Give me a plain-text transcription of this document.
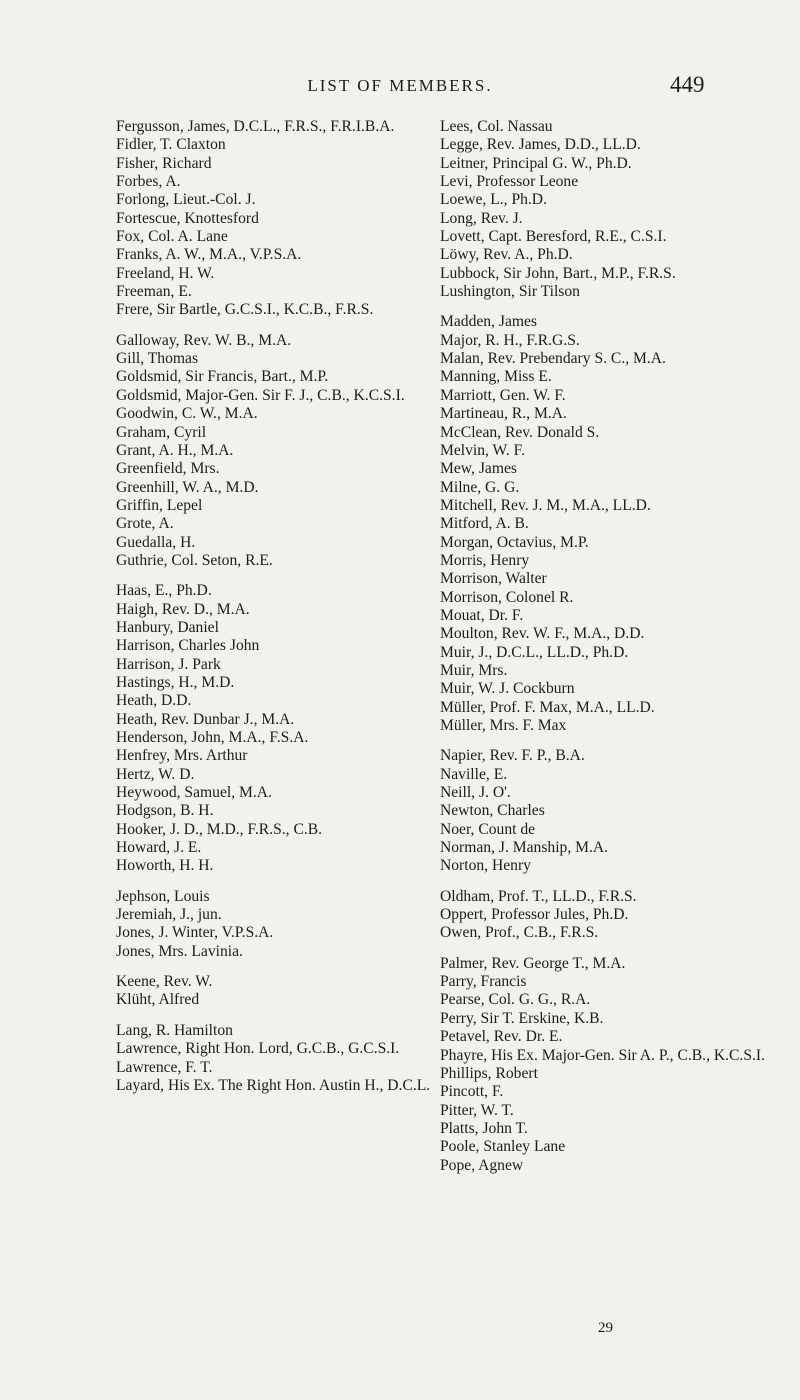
LIST OF MEMBERS.	449
Fergusson, James, D.C.L., F.R.S., F.R.I.B.A.
Fidler, T. Claxton
Fisher, Richard
Forbes, A.
Forlong, Lieut.-Col. J.
Fortescue, Knottesford
Fox, Col. A. Lane
Franks, A. W., M.A., V.P.S.A.
Freeland, H. W.
Freeman, E.
Frere, Sir Bartle, G.C.S.I., K.C.B., F.R.S.
Galloway, Rev. W. B., M.A.
Gill, Thomas
Goldsmid, Sir Francis, Bart., M.P.
Goldsmid, Major-Gen. Sir F. J., C.B., K.C.S.I.
Goodwin, C. W., M.A.
Graham, Cyril
Grant, A. H., M.A.
Greenfield, Mrs.
Greenhill, W. A., M.D.
Griffin, Lepel
Grote, A.
Guedalla, H.
Guthrie, Col. Seton, R.E.
Haas, E., Ph.D.
Haigh, Rev. D., M.A.
Hanbury, Daniel
Harrison, Charles John
Harrison, J. Park
Hastings, H., M.D.
Heath, D.D.
Heath, Rev. Dunbar J., M.A.
Henderson, John, M.A., F.S.A.
Henfrey, Mrs. Arthur
Hertz, W. D.
Heywood, Samuel, M.A.
Hodgson, B. H.
Hooker, J. D., M.D., F.R.S., C.B.
Howard, J. E.
Howorth, H. H.
Jephson, Louis
Jeremiah, J., jun.
Jones, J. Winter, V.P.S.A.
Jones, Mrs. Lavinia.
Keene, Rev. W.
Klüht, Alfred
Lang, R. Hamilton
Lawrence, Right Hon. Lord, G.C.B., G.C.S.I.
Lawrence, F. T.
Layard, His Ex. The Right Hon. Austin H., D.C.L.
Lees, Col. Nassau
Legge, Rev. James, D.D., LL.D.
Leitner, Principal G. W., Ph.D.
Levi, Professor Leone
Loewe, L., Ph.D.
Long, Rev. J.
Lovett, Capt. Beresford, R.E., C.S.I.
Löwy, Rev. A., Ph.D.
Lubbock, Sir John, Bart., M.P., F.R.S.
Lushington, Sir Tilson
Madden, James
Major, R. H., F.R.G.S.
Malan, Rev. Prebendary S. C., M.A.
Manning, Miss E.
Marriott, Gen. W. F.
Martineau, R., M.A.
McClean, Rev. Donald S.
Melvin, W. F.
Mew, James
Milne, G. G.
Mitchell, Rev. J. M., M.A., LL.D.
Mitford, A. B.
Morgan, Octavius, M.P.
Morris, Henry
Morrison, Walter
Morrison, Colonel R.
Mouat, Dr. F.
Moulton, Rev. W. F., M.A., D.D.
Muir, J., D.C.L., LL.D., Ph.D.
Muir, Mrs.
Muir, W. J. Cockburn
Müller, Prof. F. Max, M.A., LL.D.
Müller, Mrs. F. Max
Napier, Rev. F. P., B.A.
Naville, E.
Neill, J. O'.
Newton, Charles
Noer, Count de
Norman, J. Manship, M.A.
Norton, Henry
Oldham, Prof. T., LL.D., F.R.S.
Oppert, Professor Jules, Ph.D.
Owen, Prof., C.B., F.R.S.
Palmer, Rev. George T., M.A.
Parry, Francis
Pearse, Col. G. G., R.A.
Perry, Sir T. Erskine, K.B.
Petavel, Rev. Dr. E.
Phayre, His Ex. Major-Gen. Sir A. P., C.B., K.C.S.I.
Phillips, Robert
Pincott, F.
Pitter, W. T.
Platts, John T.
Poole, Stanley Lane
Pope, Agnew
29
